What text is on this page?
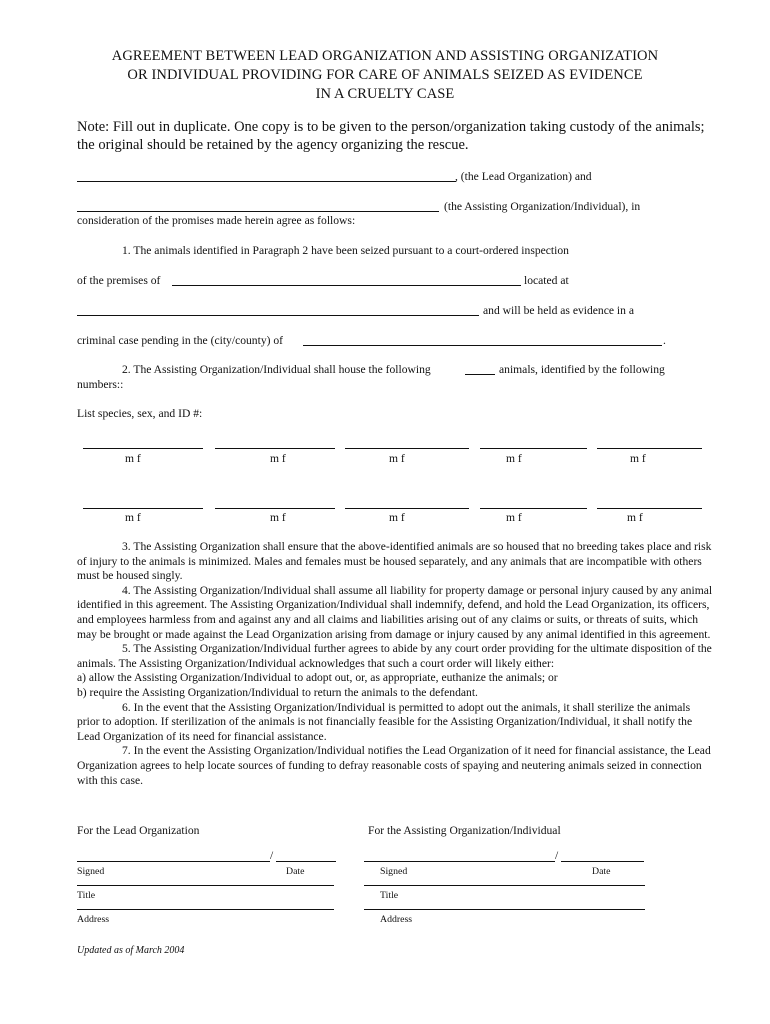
AGREEMENT BETWEEN LEAD ORGANIZATION AND ASSISTING ORGANIZATION
OR INDIVIDUAL PROVIDING FOR CARE OF ANIMALS SEIZED AS EVIDENCE
IN A CRUELTY CASE
Note: Fill out in duplicate. One copy is to be given to the person/organization taking custody of the animals; the original should be retained by the agency organizing the rescue.
, (the Lead Organization) and
(the Assisting Organization/Individual), in
consideration of the promises made herein agree as follows:
1. The animals identified in Paragraph 2 have been seized pursuant to a court-ordered inspection
of the premises of	located at
and will be held as evidence in a
criminal case pending in the (city/county) of	.
2. The Assisting Organization/Individual shall house the following	animals, identified by the following
numbers::
List species, sex, and ID #:
m f	m f	m f	m f	m f
m f	m f	m f	m f	m f
3. The Assisting Organization shall ensure that the above-identified animals are so housed that no breeding takes place and risk of injury to the animals is minimized. Males and females must be housed separately, and any animals that are incompatible with others must be housed singly.
4. The Assisting Organization/Individual shall assume all liability for property damage or personal injury caused by any animal identified in this agreement. The Assisting Organization/Individual shall indemnify, defend, and hold the Lead Organization, its officers, and employees harmless from and against any and all claims and liabilities arising out of any claims or suits, or threats of suits, which may be brought or made against the Lead Organization arising from damage or injury caused by any animal identified in this agreement.
5. The Assisting Organization/Individual further agrees to abide by any court order providing for the ultimate disposition of the animals. The Assisting Organization/Individual acknowledges that such a court order will likely either:
a) allow the Assisting Organization/Individual to adopt out, or, as appropriate, euthanize the animals; or
b) require the Assisting Organization/Individual to return the animals to the defendant.
6. In the event that the Assisting Organization/Individual is permitted to adopt out the animals, it shall sterilize the animals prior to adoption. If sterilization of the animals is not financially feasible for the Assisting Organization/Individual, it shall notify the Lead Organization of its need for financial assistance.
7. In the event the Assisting Organization/Individual notifies the Lead Organization of it need for financial assistance, the Lead Organization agrees to help locate sources of funding to defray reasonable costs of spaying and neutering animals seized in connection with this case.
For the Lead Organization	For the Assisting Organization/Individual
/
Signed	Date
Title
Address
/
Signed	Date
Title
Address
Updated as of March 2004
